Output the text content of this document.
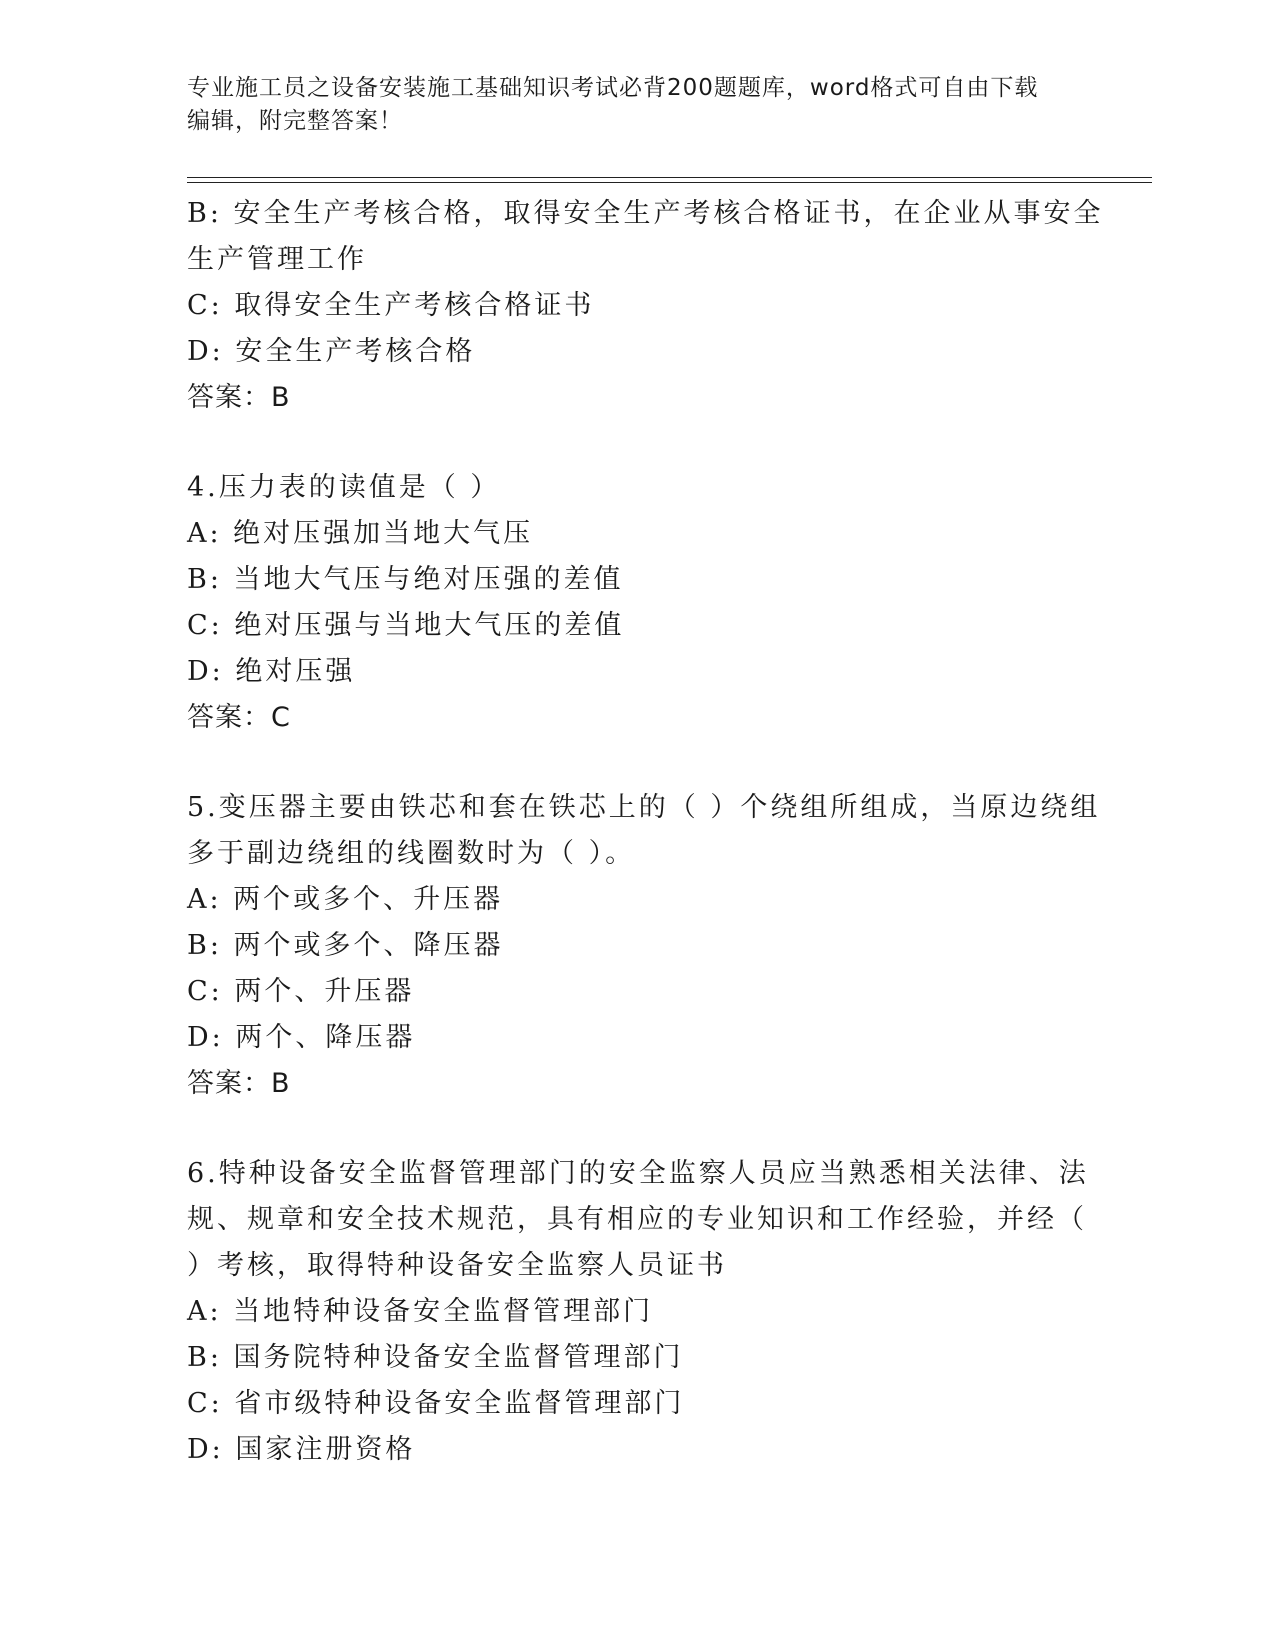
专业施工员之设备安装施工基础知识考试必背200题题库，word格式可自由下载
编辑，附完整答案！
B: 安全生产考核合格，取得安全生产考核合格证书，在企业从事安全
生产管理工作
C: 取得安全生产考核合格证书
D: 安全生产考核合格
答案：B
4.压力表的读值是（ ）
A: 绝对压强加当地大气压
B: 当地大气压与绝对压强的差值
C: 绝对压强与当地大气压的差值
D: 绝对压强
答案：C
5.变压器主要由铁芯和套在铁芯上的（ ）个绕组所组成，当原边绕组
多于副边绕组的线圈数时为（ ）。
A: 两个或多个、升压器
B: 两个或多个、降压器
C: 两个、升压器
D: 两个、降压器
答案：B
6.特种设备安全监督管理部门的安全监察人员应当熟悉相关法律、法
规、规章和安全技术规范，具有相应的专业知识和工作经验，并经（
）考核，取得特种设备安全监察人员证书
A: 当地特种设备安全监督管理部门
B: 国务院特种设备安全监督管理部门
C: 省市级特种设备安全监督管理部门
D: 国家注册资格
